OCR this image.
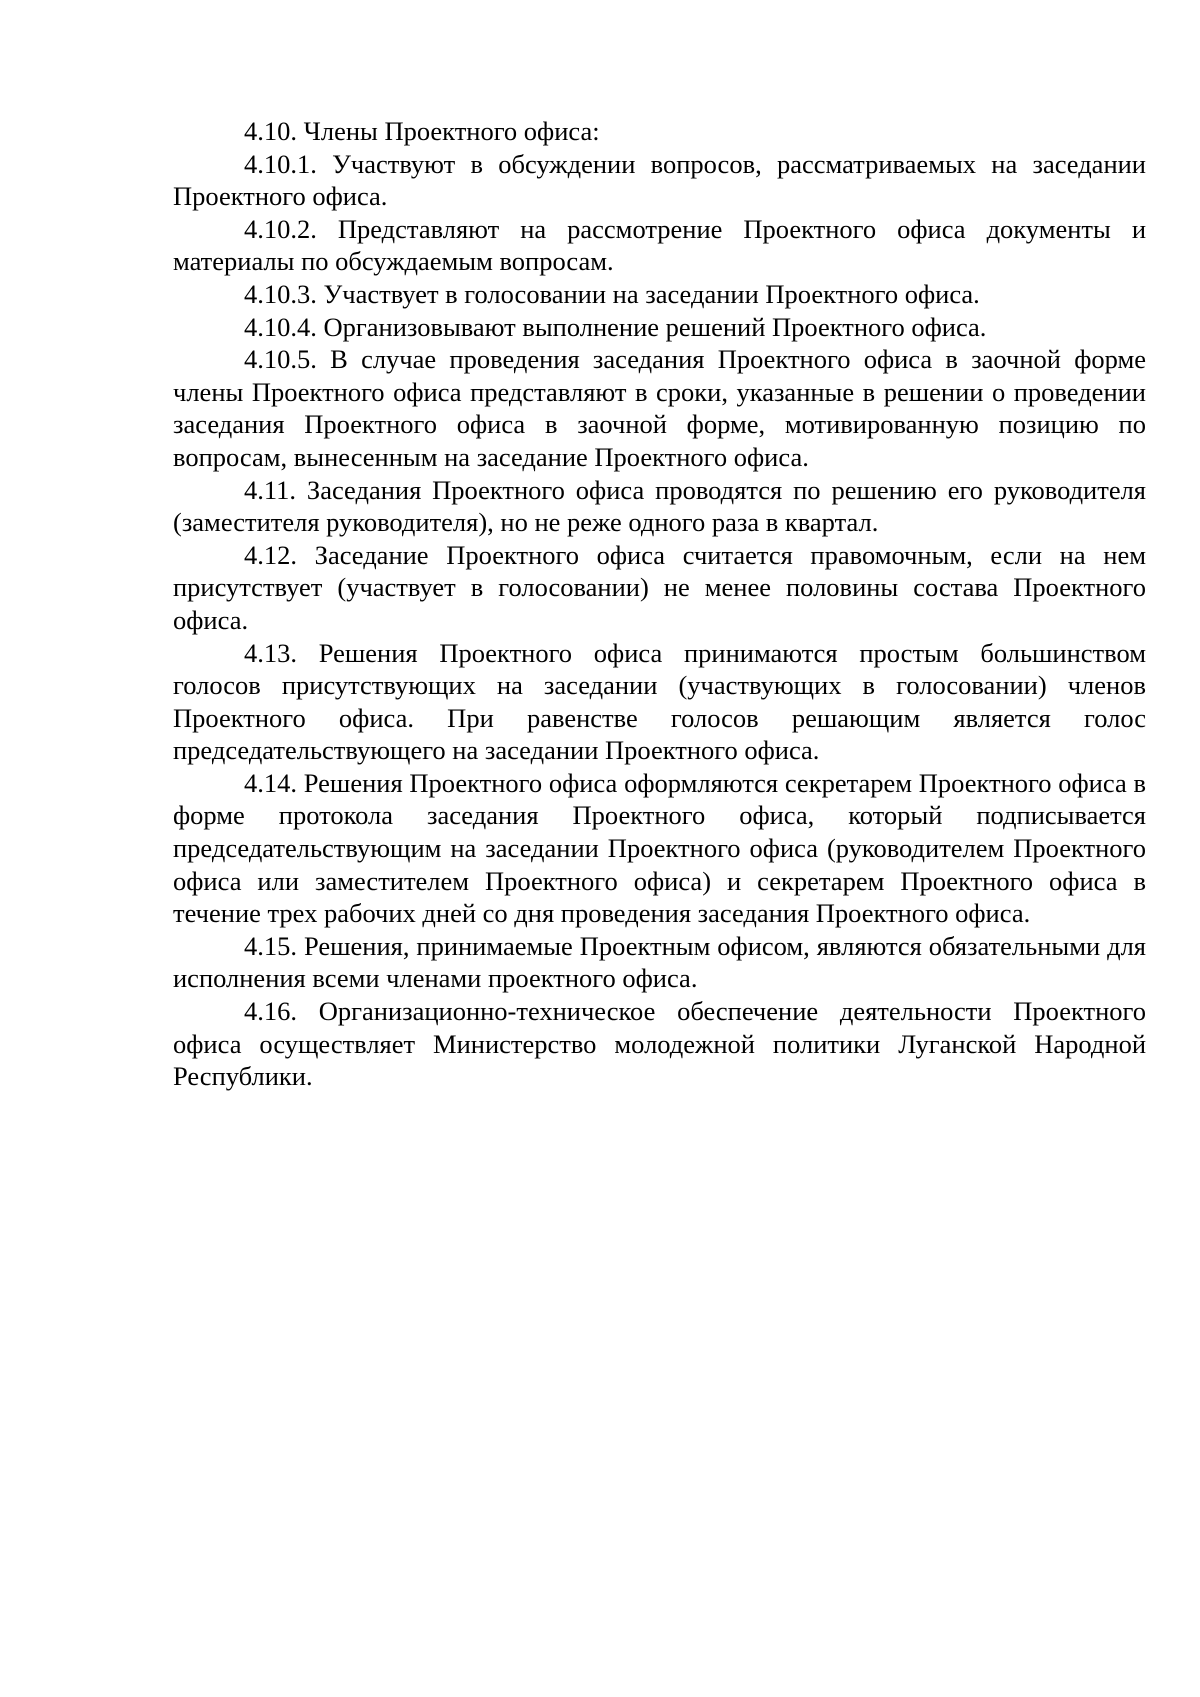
4.10. Члены Проектного офиса:

4.10.1. Участвуют в обсуждении вопросов, рассматриваемых на заседании Проектного офиса.

4.10.2. Представляют на рассмотрение Проектного офиса документы и материалы по обсуждаемым вопросам.

4.10.3. Участвует в голосовании на заседании Проектного офиса.

4.10.4. Организовывают выполнение решений Проектного офиса.

4.10.5. В случае проведения заседания Проектного офиса в заочной форме члены Проектного офиса представляют в сроки, указанные в решении о проведении заседания Проектного офиса в заочной форме, мотивированную позицию по вопросам, вынесенным на заседание Проектного офиса.

4.11. Заседания Проектного офиса проводятся по решению его руководителя (заместителя руководителя), но не реже одного раза в квартал.

4.12. Заседание Проектного офиса считается правомочным, если на нем присутствует (участвует в голосовании) не менее половины состава Проектного офиса.

4.13. Решения Проектного офиса принимаются простым большинством голосов присутствующих на заседании (участвующих в голосовании) членов Проектного офиса. При равенстве голосов решающим является голос председательствующего на заседании Проектного офиса.

4.14. Решения Проектного офиса оформляются секретарем Проектного офиса в форме протокола заседания Проектного офиса, который подписывается председательствующим на заседании Проектного офиса (руководителем Проектного офиса или заместителем Проектного офиса) и секретарем Проектного офиса в течение трех рабочих дней со дня проведения заседания Проектного офиса.

4.15. Решения, принимаемые Проектным офисом, являются обязательными для исполнения всеми членами проектного офиса.

4.16. Организационно-техническое обеспечение деятельности Проектного офиса осуществляет Министерство молодежной политики Луганской Народной Республики.
